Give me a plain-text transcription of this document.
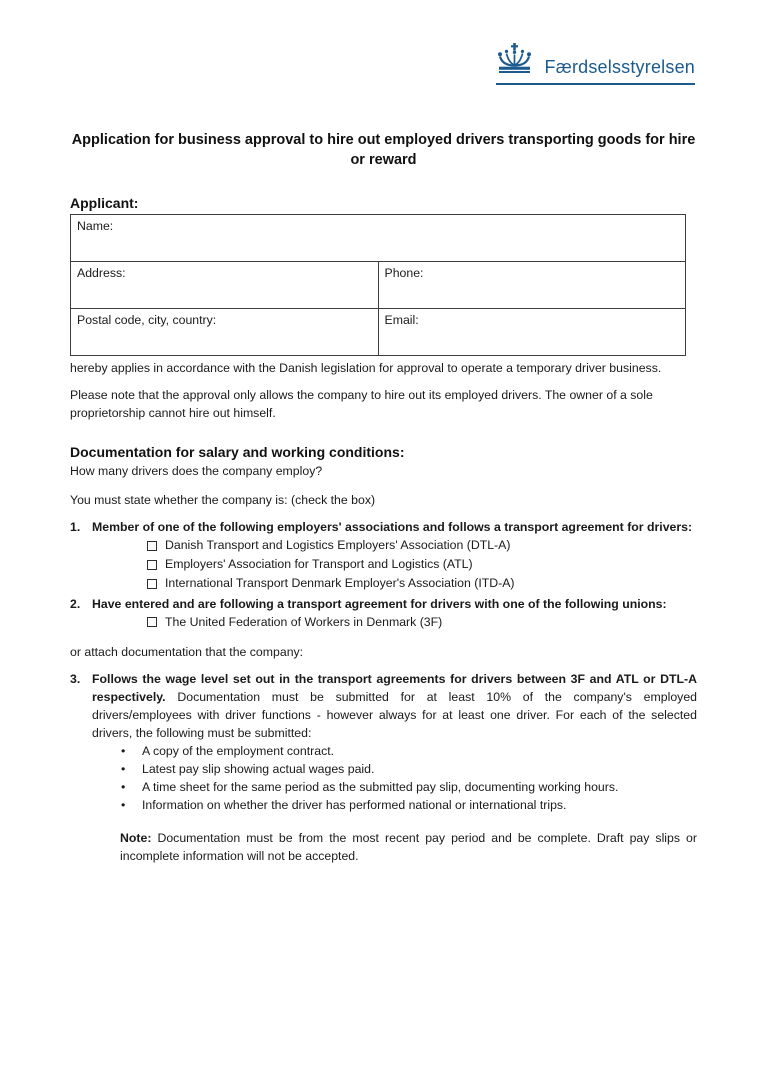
Færdselsstyrelsen
Application for business approval to hire out employed drivers transporting goods for hire or reward
Applicant:
Name:	
Address:	Phone:
Postal code, city, country:	Email:

hereby applies in accordance with the Danish legislation for approval to operate a temporary driver business.

Please note that the approval only allows the company to hire out its employed drivers. The owner of a sole proprietorship cannot hire out himself.

Documentation for salary and working conditions:

How many drivers does the company employ?

You must state whether the company is: (check the box)

1. Member of one of the following employers' associations and follows a transport agreement for drivers:
Danish Transport and Logistics Employers' Association (DTL-A)
Employers' Association for Transport and Logistics (ATL)
International Transport Denmark Employer's Association (ITD-A)
2. Have entered and are following a transport agreement for drivers with one of the following unions:
The United Federation of Workers in Denmark (3F)

or attach documentation that the company:

3. Follows the wage level set out in the transport agreements for drivers between 3F and ATL or DTL-A respectively. Documentation must be submitted for at least 10% of the company's employed drivers/employees with driver functions - however always for at least one driver. For each of the selected drivers, the following must be submitted:
•	A copy of the employment contract.
•	Latest pay slip showing actual wages paid.
•	A time sheet for the same period as the submitted pay slip, documenting working hours.
•	Information on whether the driver has performed national or international trips.

Note: Documentation must be from the most recent pay period and be complete. Draft pay slips or incomplete information will not be accepted.
